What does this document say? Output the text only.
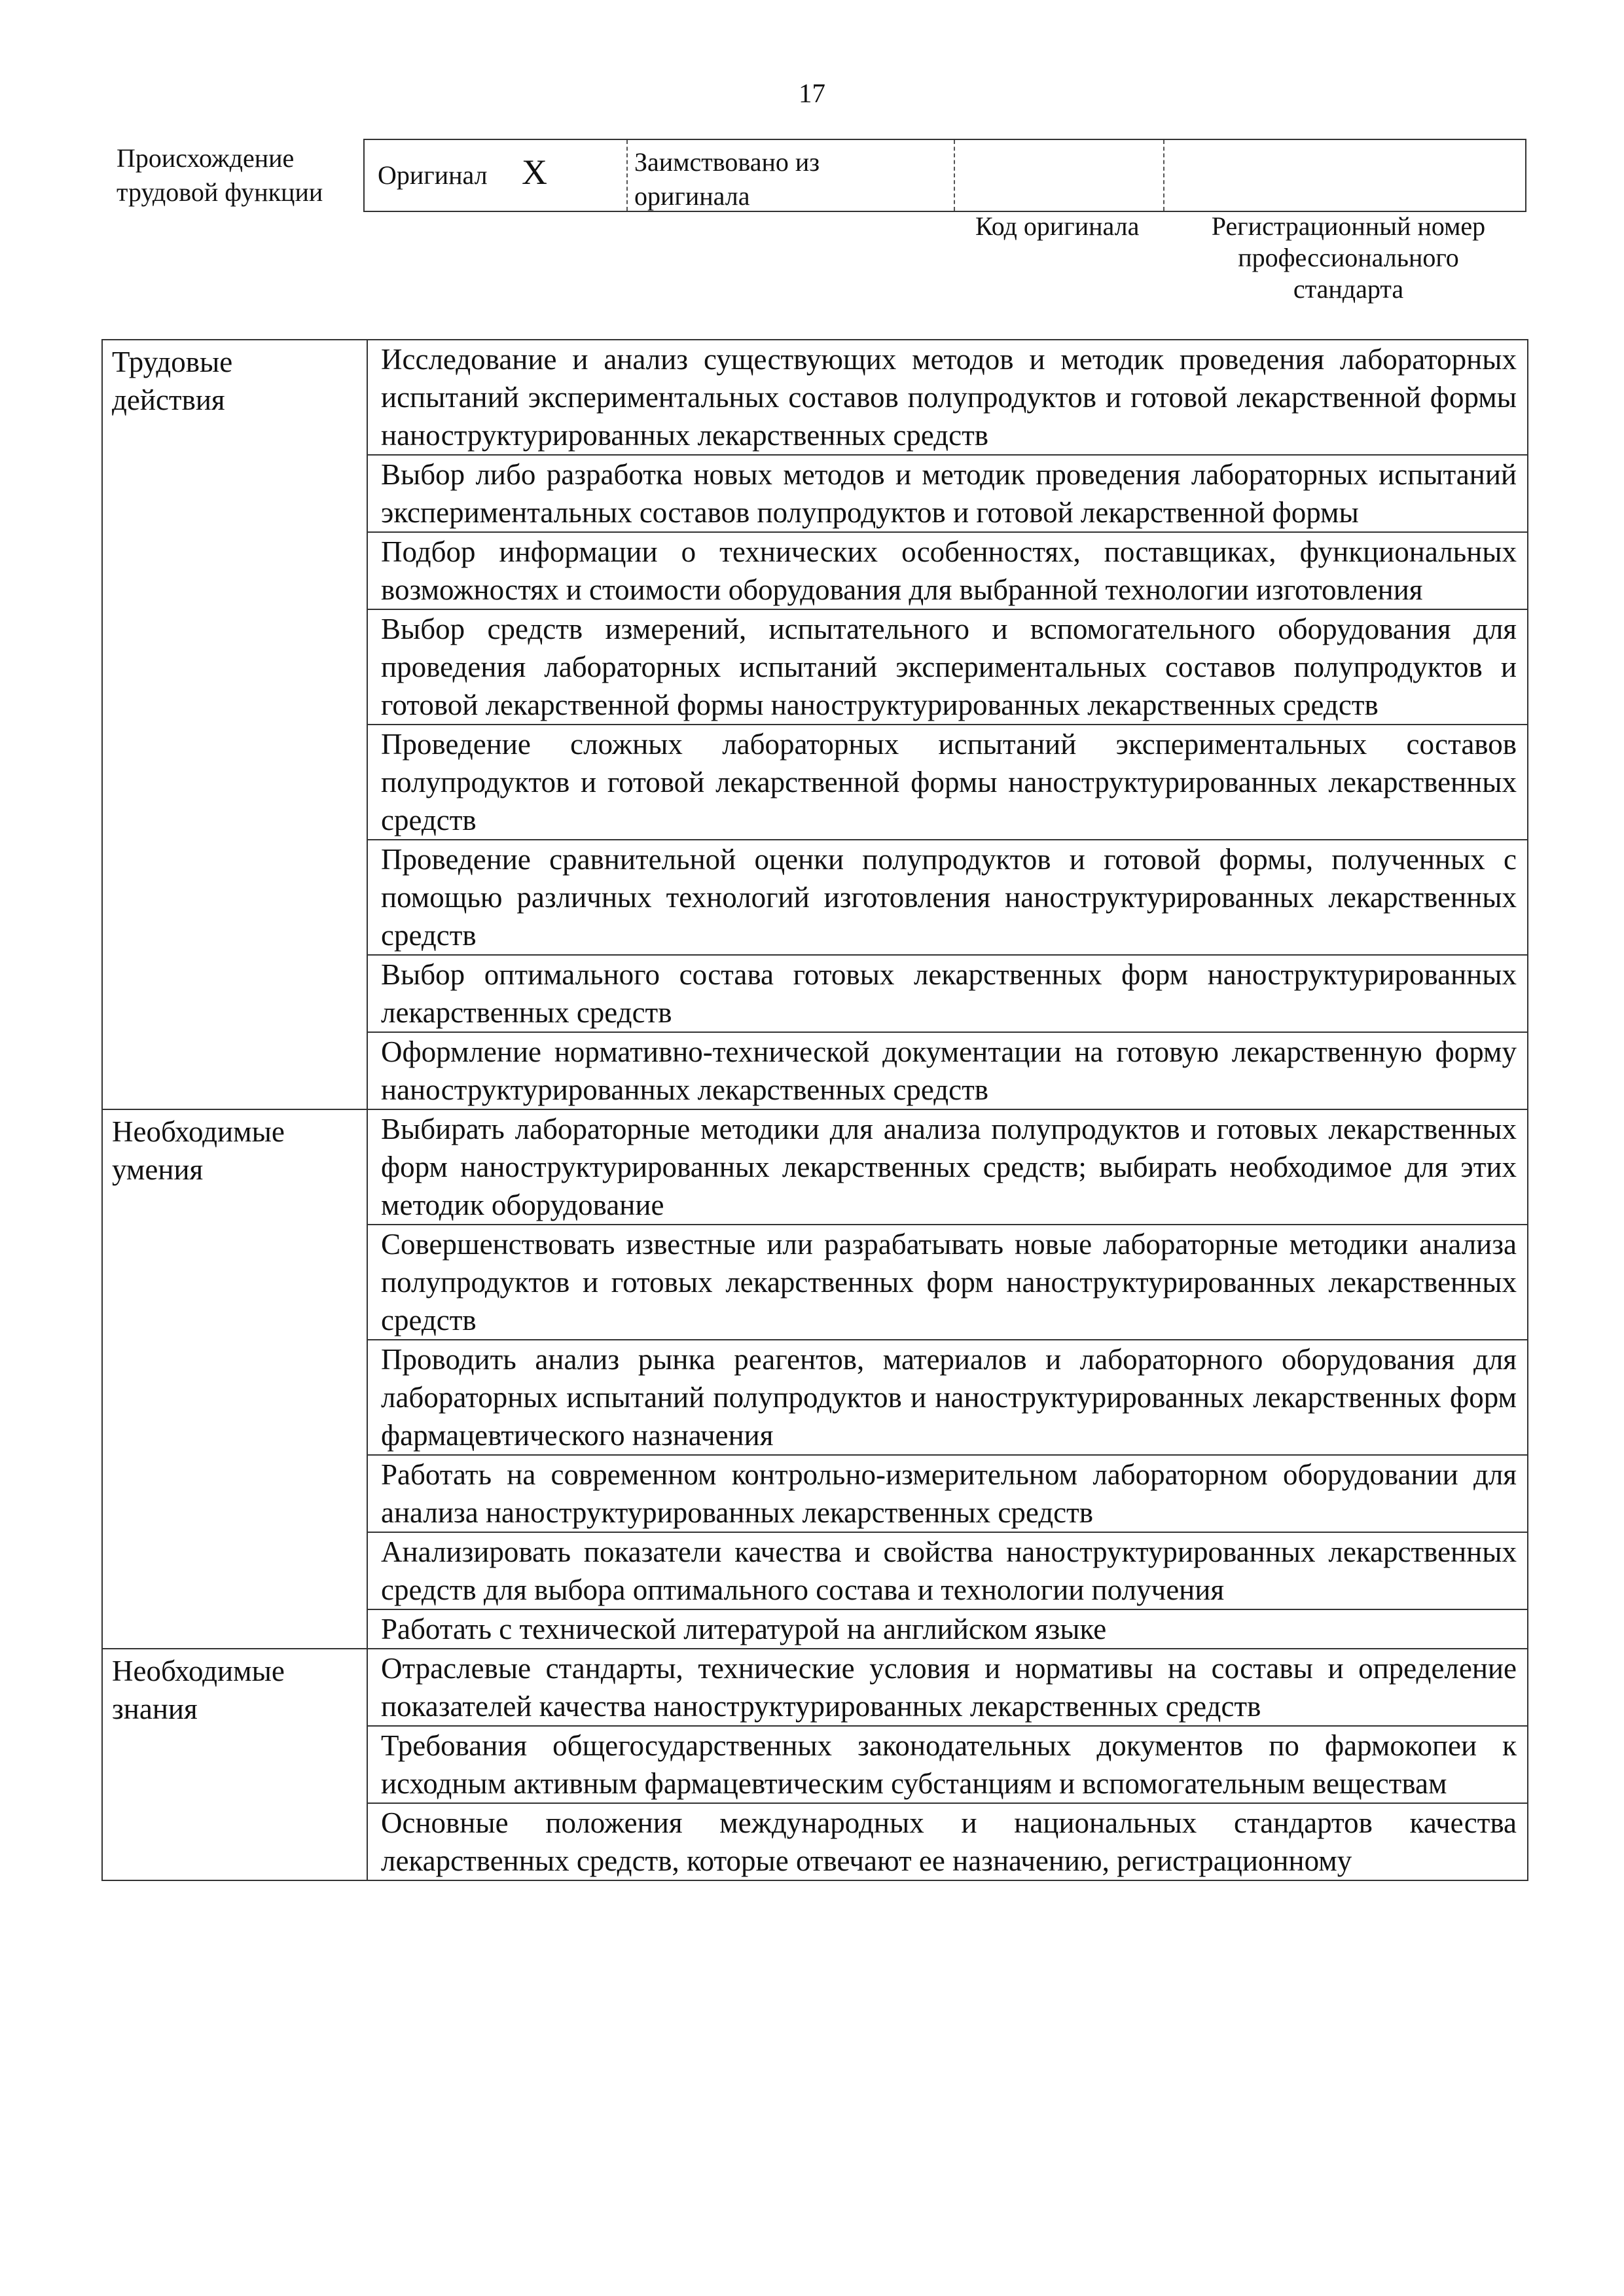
17
Происхождение
трудовой функции
Оригинал X	Заимствовано из
оригинала
Код оригинала	Регистрационный номер
профессионального
стандарта
Трудовые
действия	Исследование и анализ существующих методов и методик проведения лабораторных испытаний экспериментальных составов полупродуктов и готовой лекарственной формы наноструктурированных лекарственных средств
	Выбор либо разработка новых методов и методик проведения лабораторных испытаний экспериментальных составов полупродуктов и готовой лекарственной формы
	Подбор информации о технических особенностях, поставщиках, функциональных возможностях и стоимости оборудования для выбранной технологии изготовления
	Выбор средств измерений, испытательного и вспомогательного оборудования для проведения лабораторных испытаний экспериментальных составов полупродуктов и готовой лекарственной формы наноструктурированных лекарственных средств
	Проведение сложных лабораторных испытаний экспериментальных составов полупродуктов и готовой лекарственной формы наноструктурированных лекарственных средств
	Проведение сравнительной оценки полупродуктов и готовой формы, полученных с помощью различных технологий изготовления наноструктурированных лекарственных средств
	Выбор оптимального состава готовых лекарственных форм наноструктурированных лекарственных средств
	Оформление нормативно-технической документации на готовую лекарственную форму наноструктурированных лекарственных средств

Необходимые
умения	Выбирать лабораторные методики для анализа полупродуктов и готовых лекарственных форм наноструктурированных лекарственных средств; выбирать необходимое для этих методик оборудование
	Совершенствовать известные или разрабатывать новые лабораторные методики анализа полупродуктов и готовых лекарственных форм наноструктурированных лекарственных средств
	Проводить анализ рынка реагентов, материалов и лабораторного оборудования для лабораторных испытаний полупродуктов и наноструктурированных лекарственных форм фармацевтического назначения
	Работать на современном контрольно-измерительном лабораторном оборудовании для анализа наноструктурированных лекарственных средств
	Анализировать показатели качества и свойства наноструктурированных лекарственных средств для выбора оптимального состава и технологии получения
	Работать с технической литературой на английском языке

Необходимые
знания	Отраслевые стандарты, технические условия и нормативы на составы и определение показателей качества наноструктурированных лекарственных средств
	Требования общегосударственных законодательных документов по фармокопеи к исходным активным фармацевтическим субстанциям и вспомогательным веществам
	Основные положения международных и национальных стандартов качества лекарственных средств, которые отвечают ее назначению, регистрационному
